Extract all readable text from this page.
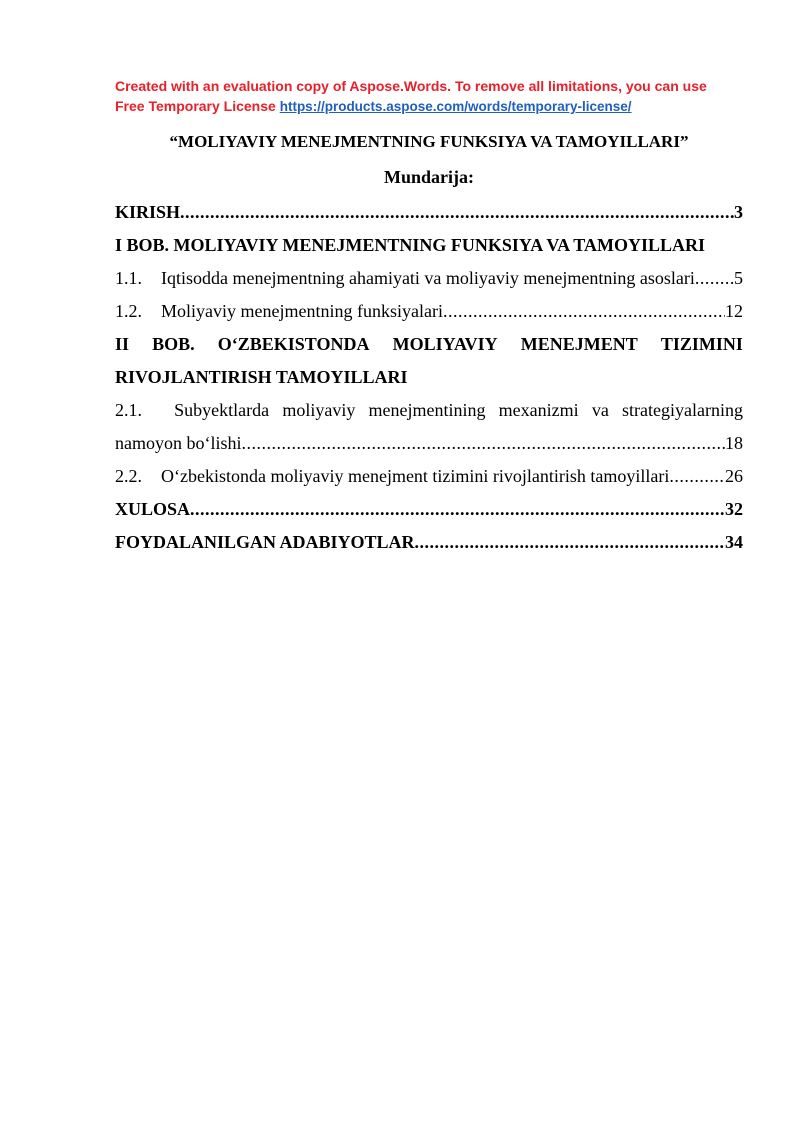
Created with an evaluation copy of Aspose.Words. To remove all limitations, you can use
Free Temporary License https://products.aspose.com/words/temporary-license/
“MOLIYAVIY MENEJMENTNING FUNKSIYA VA TAMOYILLARI”
Mundarija:
KIRISH .....	3
I BOB. MOLIYAVIY MENEJMENTNING FUNKSIYA VA TAMOYILLARI
1.1.	Iqtisodda menejmentning ahamiyati va moliyaviy menejmentning asoslari ..... 5
1.2.	Moliyaviy menejmentning funksiyalari .....	12
II BOB. O‘ZBEKISTONDA MOLIYAVIY MENEJMENT TIZIMINI
RIVOJLANTIRISH TAMOYILLARI
2.1.	Subyektlarda moliyaviy menejmentining mexanizmi va strategiyalarning
namoyon bo‘lishi .....	18
2.2.	O‘zbekistonda moliyaviy menejment tizimini rivojlantirish tamoyillari .....	26
XULOSA .....	32
FOYDALANILGAN ADABIYOTLAR .....	34
